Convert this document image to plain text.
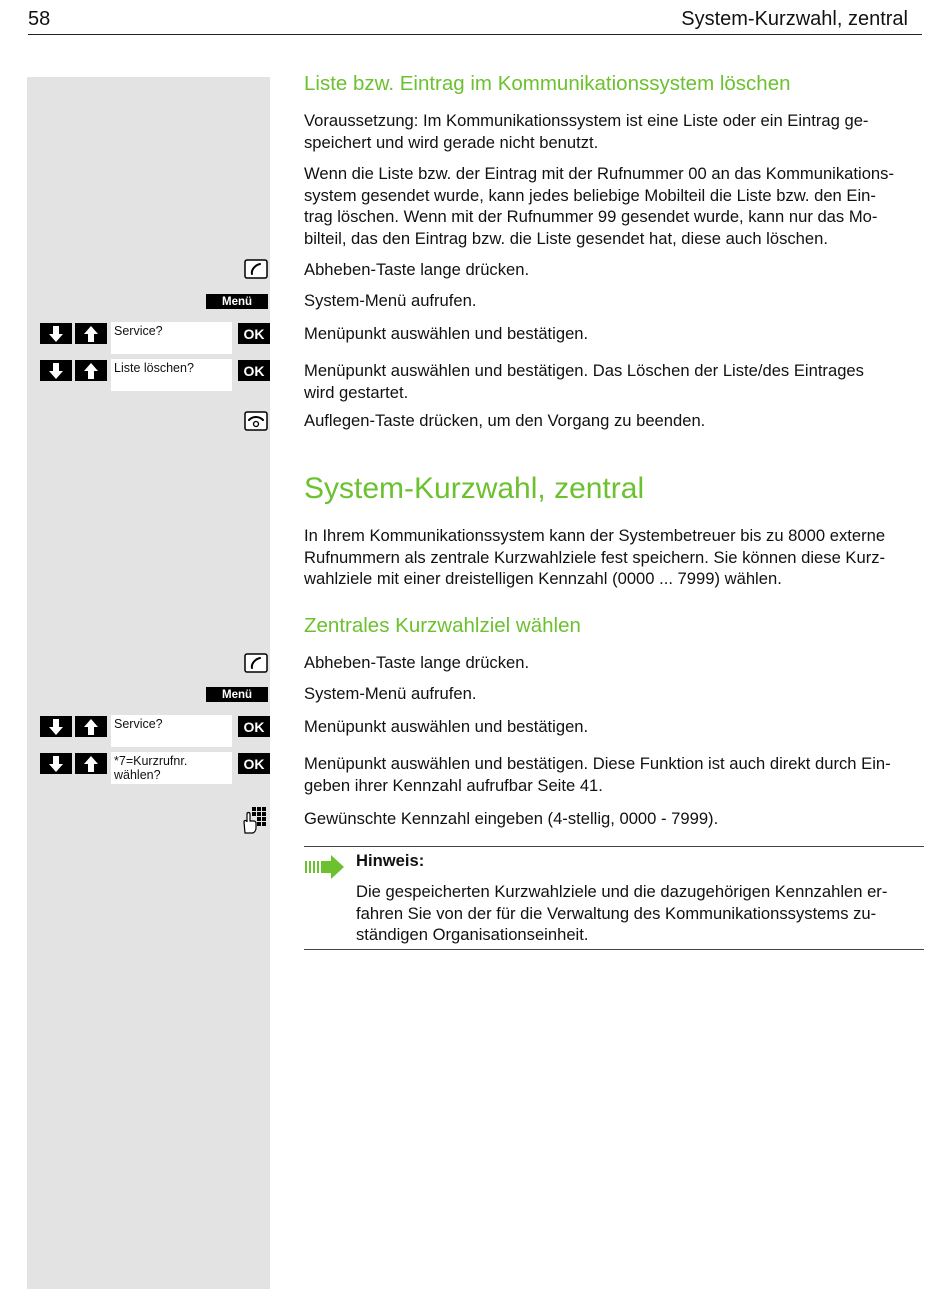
58	System-Kurzwahl, zentral
Liste bzw. Eintrag im Kommunikationssystem löschen
Voraussetzung: Im Kommunikationssystem ist eine Liste oder ein Eintrag ge-
speichert und wird gerade nicht benutzt.
Wenn die Liste bzw. der Eintrag mit der Rufnummer 00 an das Kommunikations-
system gesendet wurde, kann jedes beliebige Mobilteil die Liste bzw. den Ein-
trag löschen. Wenn mit der Rufnummer 99 gesendet wurde, kann nur das Mo-
bilteil, das den Eintrag bzw. die Liste gesendet hat, diese auch löschen.
Abheben-Taste lange drücken.
Menü	System-Menü aufrufen.
Service?	OK	Menüpunkt auswählen und bestätigen.
Liste löschen?	OK	Menüpunkt auswählen und bestätigen. Das Löschen der Liste/des Eintrages
wird gestartet.
Auflegen-Taste drücken, um den Vorgang zu beenden.
System-Kurzwahl, zentral
In Ihrem Kommunikationssystem kann der Systembetreuer bis zu 8000 externe
Rufnummern als zentrale Kurzwahlziele fest speichern. Sie können diese Kurz-
wahlziele mit einer dreistelligen Kennzahl (0000 ... 7999) wählen.
Zentrales Kurzwahlziel wählen
Abheben-Taste lange drücken.
Menü	System-Menü aufrufen.
Service?	OK	Menüpunkt auswählen und bestätigen.
*7=Kurzrufnr.
wählen?
OK	Menüpunkt auswählen und bestätigen. Diese Funktion ist auch direkt durch Ein-
geben ihrer Kennzahl aufrufbar Seite 41.
Gewünschte Kennzahl eingeben (4-stellig, 0000 - 7999).
Hinweis:
Die gespeicherten Kurzwahlziele und die dazugehörigen Kennzahlen er-
fahren Sie von der für die Verwaltung des Kommunikationssystems zu-
ständigen Organisationseinheit.
